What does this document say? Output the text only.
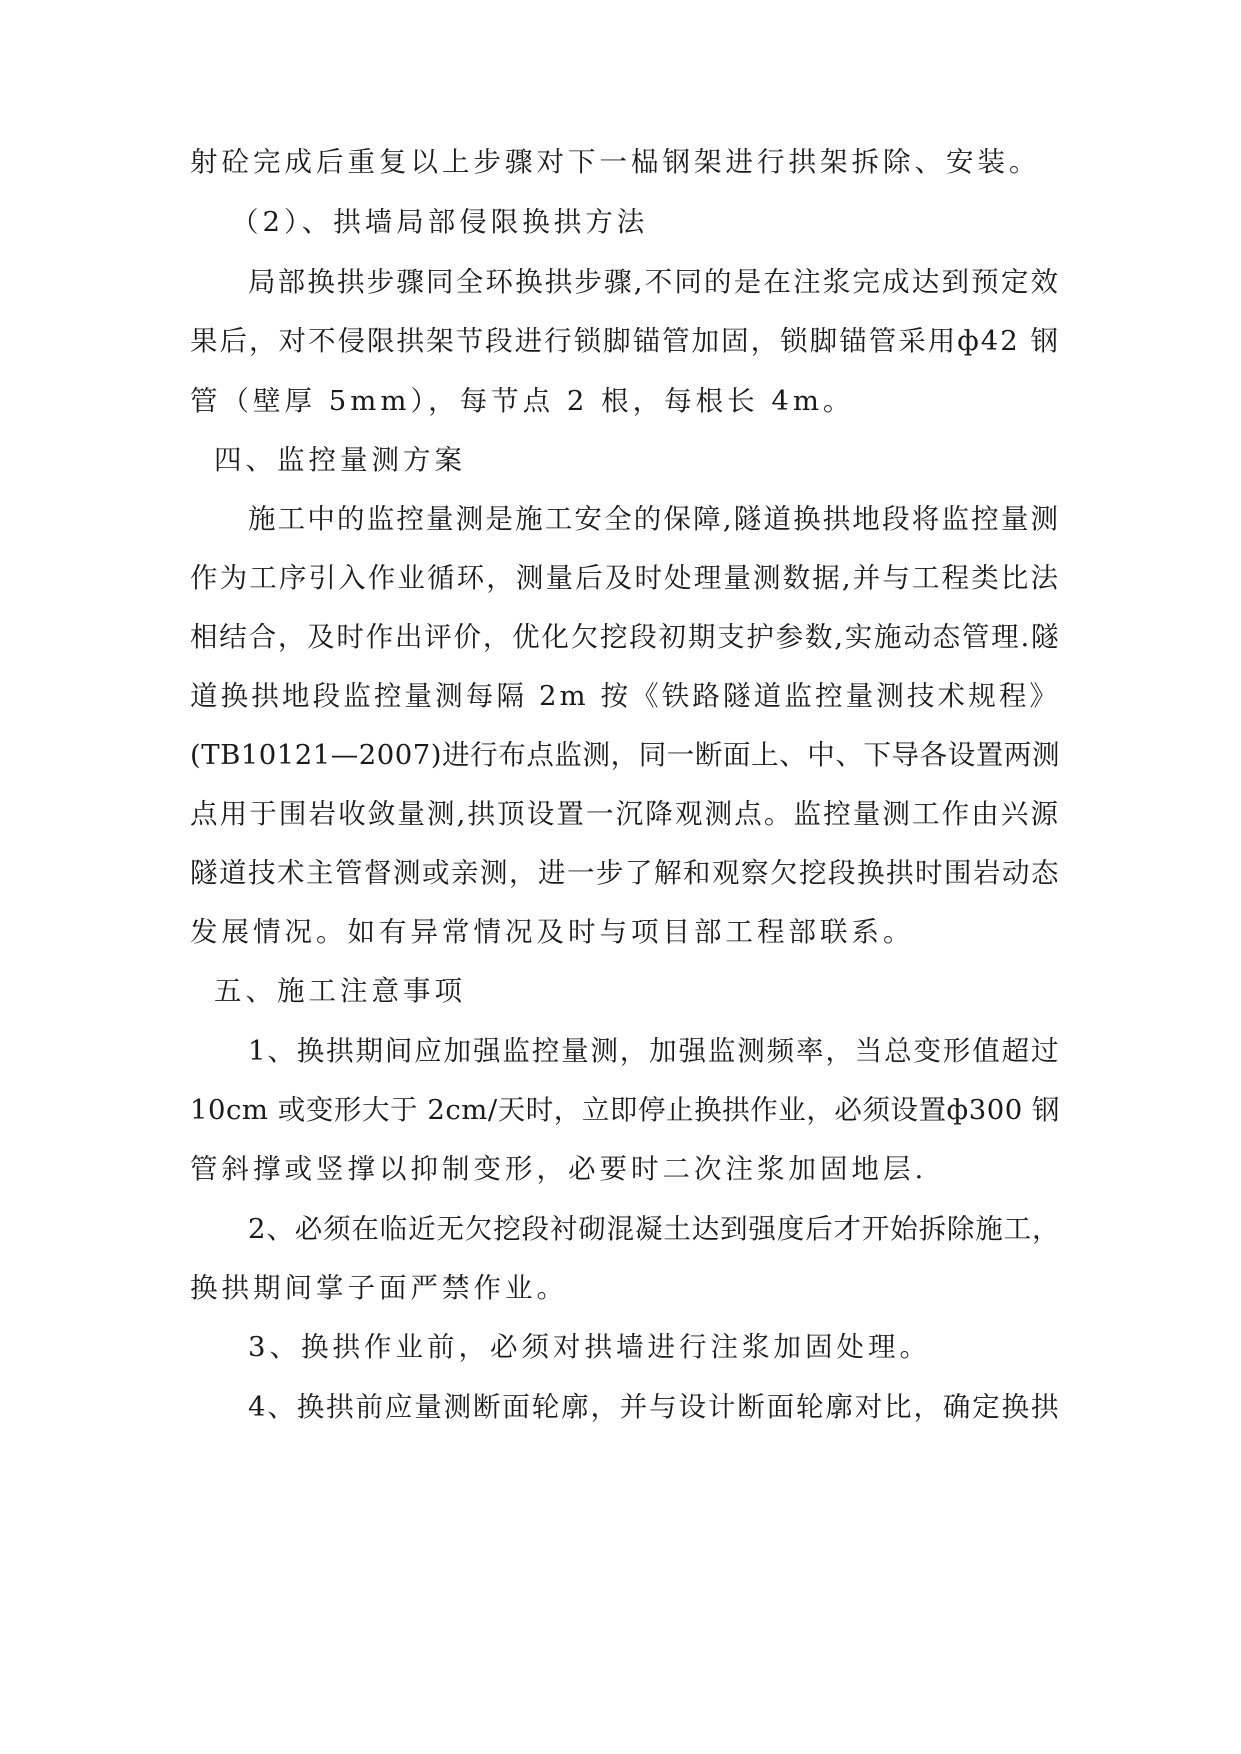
射砼完成后重复以上步骤对下一榀钢架进行拱架拆除、安装。
（2）、拱墙局部侵限换拱方法
局部换拱步骤同全环换拱步骤,不同的是在注浆完成达到预定效
果后，对不侵限拱架节段进行锁脚锚管加固，锁脚锚管采用ф42 钢
管（壁厚 5mm），每节点 2 根，每根长 4m。
四、监控量测方案
施工中的监控量测是施工安全的保障,隧道换拱地段将监控量测
作为工序引入作业循环，测量后及时处理量测数据,并与工程类比法
相结合，及时作出评价，优化欠挖段初期支护参数,实施动态管理.隧
道换拱地段监控量测每隔 2m 按《铁路隧道监控量测技术规程》
(TB10121—2007)进行布点监测，同一断面上、中、下导各设置两测
点用于围岩收敛量测,拱顶设置一沉降观测点。监控量测工作由兴源
隧道技术主管督测或亲测，进一步了解和观察欠挖段换拱时围岩动态
发展情况。如有异常情况及时与项目部工程部联系。
五、施工注意事项
1、换拱期间应加强监控量测，加强监测频率，当总变形值超过
10cm 或变形大于 2cm/天时，立即停止换拱作业，必须设置ф300 钢
管斜撑或竖撑以抑制变形，必要时二次注浆加固地层.
2、必须在临近无欠挖段衬砌混凝土达到强度后才开始拆除施工，
换拱期间掌子面严禁作业。
3、换拱作业前，必须对拱墙进行注浆加固处理。
4、换拱前应量测断面轮廓，并与设计断面轮廓对比，确定换拱
